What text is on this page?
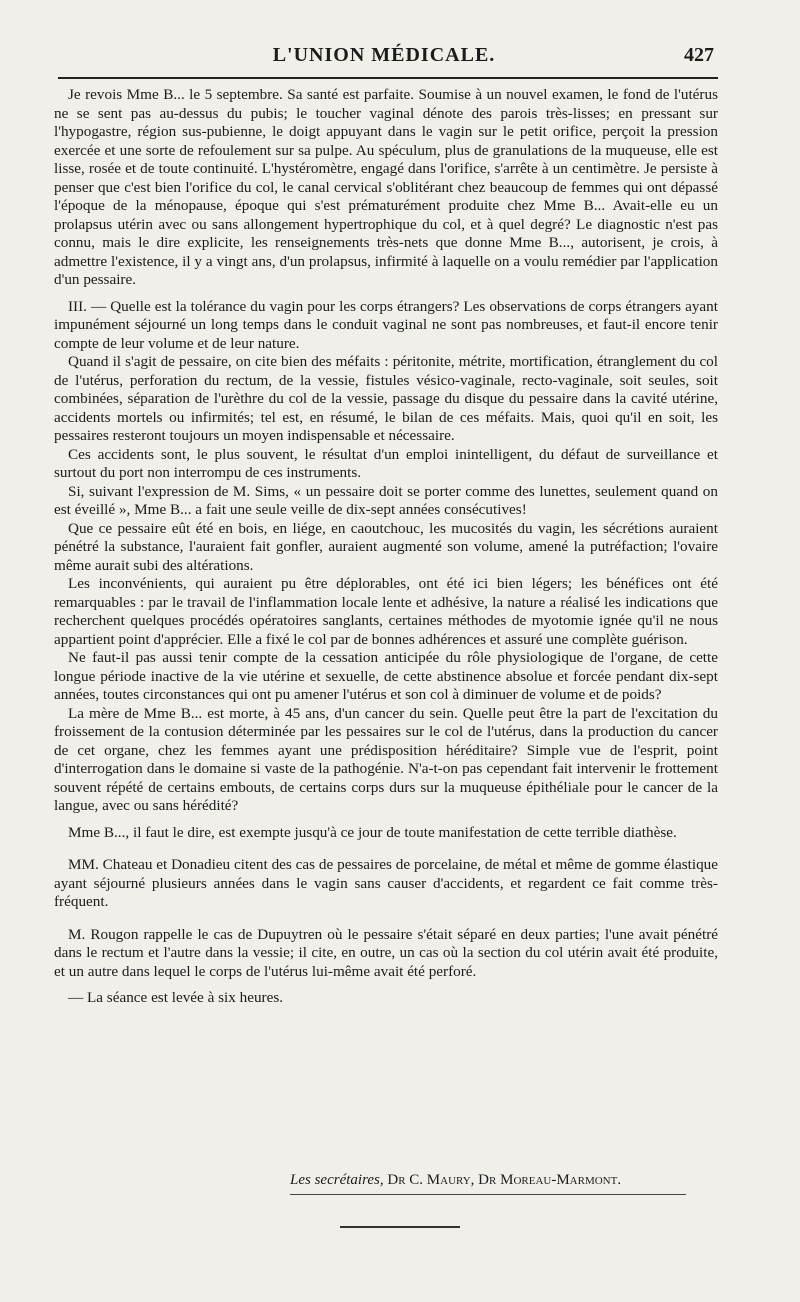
L'UNION MÉDICALE.	427

Je revois Mme B... le 5 septembre. Sa santé est parfaite. Soumise à un nouvel examen, le fond de l'utérus ne se sent pas au-dessus du pubis; le toucher vaginal dénote des parois très-lisses; en pressant sur l'hypogastre, région sus-pubienne, le doigt appuyant dans le vagin sur le petit orifice, perçoit la pression exercée et une sorte de refoulement sur sa pulpe. Au spéculum, plus de granulations de la muqueuse, elle est lisse, rosée et de toute continuité. L'hystéromètre, engagé dans l'orifice, s'arrête à un centimètre. Je persiste à penser que c'est bien l'orifice du col, le canal cervical s'oblitérant chez beaucoup de femmes qui ont dépassé l'époque de la ménopause, époque qui s'est prématurément produite chez Mme B... Avait-elle eu un prolapsus utérin avec ou sans allongement hypertrophique du col, et à quel degré? Le diagnostic n'est pas connu, mais le dire explicite, les renseignements très-nets que donne Mme B..., autorisent, je crois, à admettre l'existence, il y a vingt ans, d'un prolapsus, infirmité à laquelle on a voulu remédier par l'application d'un pessaire.

III. — Quelle est la tolérance du vagin pour les corps étrangers? Les observations de corps étrangers ayant impunément séjourné un long temps dans le conduit vaginal ne sont pas nombreuses, et faut-il encore tenir compte de leur volume et de leur nature.

Quand il s'agit de pessaire, on cite bien des méfaits : péritonite, métrite, mortification, étranglement du col de l'utérus, perforation du rectum, de la vessie, fistules vésico-vaginale, recto-vaginale, soit seules, soit combinées, séparation de l'urèthre du col de la vessie, passage du disque du pessaire dans la cavité utérine, accidents mortels ou infirmités; tel est, en résumé, le bilan de ces méfaits. Mais, quoi qu'il en soit, les pessaires resteront toujours un moyen indispensable et nécessaire.

Ces accidents sont, le plus souvent, le résultat d'un emploi inintelligent, du défaut de surveillance et surtout du port non interrompu de ces instruments.

Si, suivant l'expression de M. Sims, « un pessaire doit se porter comme des lunettes, seulement quand on est éveillé », Mme B... a fait une seule veille de dix-sept années consécutives!

Que ce pessaire eût été en bois, en liége, en caoutchouc, les mucosités du vagin, les sécrétions auraient pénétré la substance, l'auraient fait gonfler, auraient augmenté son volume, amené la putréfaction; l'ovaire même aurait subi des altérations.

Les inconvénients, qui auraient pu être déplorables, ont été ici bien légers; les bénéfices ont été remarquables : par le travail de l'inflammation locale lente et adhésive, la nature a réalisé les indications que recherchent quelques procédés opératoires sanglants, certaines méthodes de myotomie ignée qu'il ne nous appartient point d'apprécier. Elle a fixé le col par de bonnes adhérences et assuré une complète guérison.

Ne faut-il pas aussi tenir compte de la cessation anticipée du rôle physiologique de l'organe, de cette longue période inactive de la vie utérine et sexuelle, de cette abstinence absolue et forcée pendant dix-sept années, toutes circonstances qui ont pu amener l'utérus et son col à diminuer de volume et de poids?

La mère de Mme B... est morte, à 45 ans, d'un cancer du sein. Quelle peut être la part de l'excitation du froissement de la contusion déterminée par les pessaires sur le col de l'utérus, dans la production du cancer de cet organe, chez les femmes ayant une prédisposition héréditaire? Simple vue de l'esprit, point d'interrogation dans le domaine si vaste de la pathogénie. N'a-t-on pas cependant fait intervenir le frottement souvent répété de certains embouts, de certains corps durs sur la muqueuse épithéliale pour le cancer de la langue, avec ou sans hérédité?

Mme B..., il faut le dire, est exempte jusqu'à ce jour de toute manifestation de cette terrible diathèse.

MM. Chateau et Donadieu citent des cas de pessaires de porcelaine, de métal et même de gomme élastique ayant séjourné plusieurs années dans le vagin sans causer d'accidents, et regardent ce fait comme très-fréquent.

M. Rougon rappelle le cas de Dupuytren où le pessaire s'était séparé en deux parties; l'une avait pénétré dans le rectum et l'autre dans la vessie; il cite, en outre, un cas où la section du col utérin avait été produite, et un autre dans lequel le corps de l'utérus lui-même avait été perforé.

— La séance est levée à six heures.

Les secrétaires, Dr C. Maury, Dr Moreau-Marmont.
